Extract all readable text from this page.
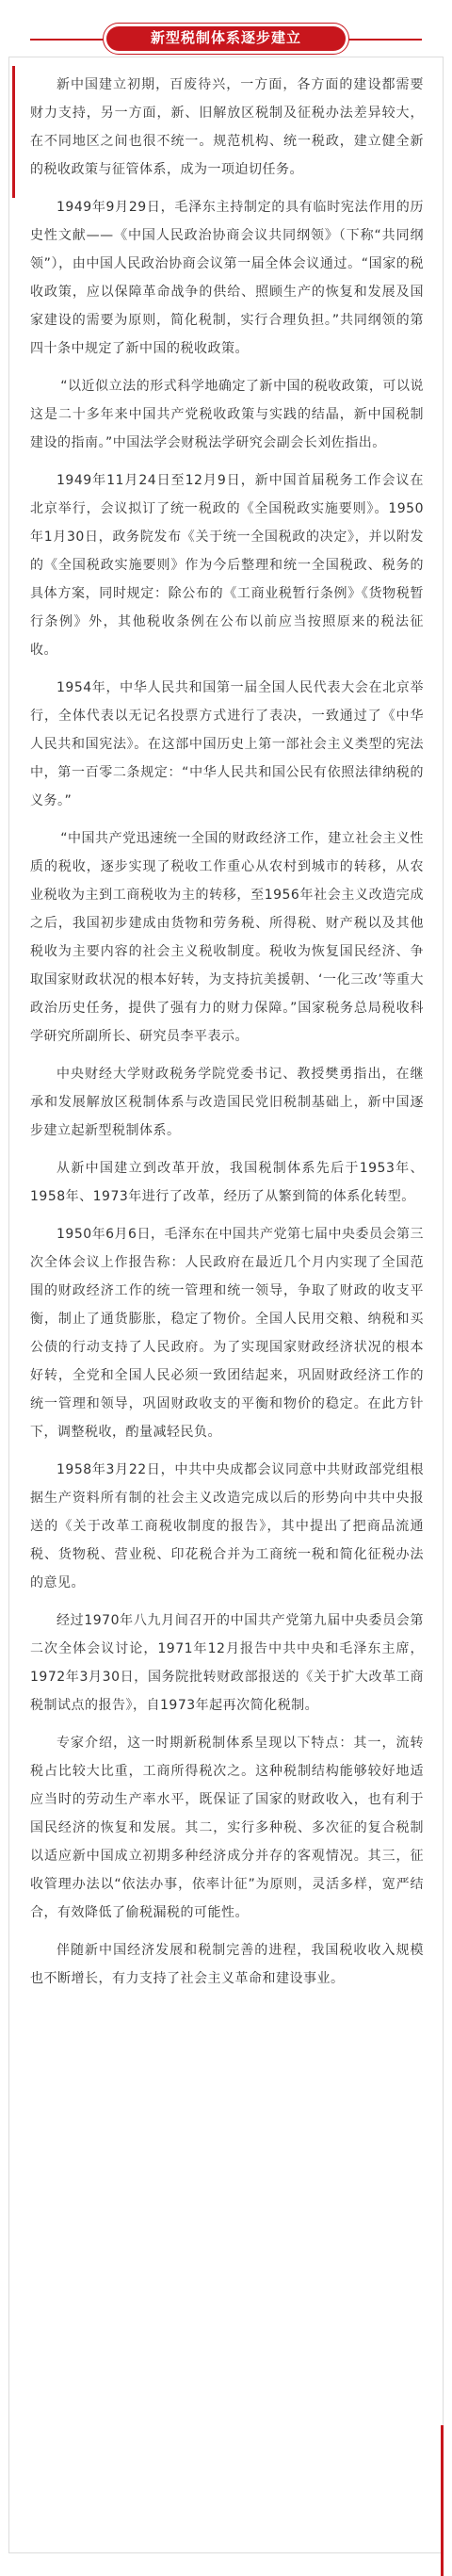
新型税制体系逐步建立

新中国建立初期，百废待兴，一方面，各方面的建设都需要财力支持，另一方面，新、旧解放区税制及征税办法差异较大，在不同地区之间也很不统一。规范机构、统一税政，建立健全新的税收政策与征管体系，成为一项迫切任务。

1949年9月29日，毛泽东主持制定的具有临时宪法作用的历史性文献——《中国人民政治协商会议共同纲领》（下称“共同纲领”），由中国人民政治协商会议第一届全体会议通过。“国家的税收政策，应以保障革命战争的供给、照顾生产的恢复和发展及国家建设的需要为原则，简化税制，实行合理负担。”共同纲领的第四十条中规定了新中国的税收政策。

“以近似立法的形式科学地确定了新中国的税收政策，可以说这是二十多年来中国共产党税收政策与实践的结晶，新中国税制建设的指南。”中国法学会财税法学研究会副会长刘佐指出。

1949年11月24日至12月9日，新中国首届税务工作会议在北京举行，会议拟订了统一税政的《全国税政实施要则》。1950年1月30日，政务院发布《关于统一全国税政的决定》，并以附发的《全国税政实施要则》作为今后整理和统一全国税政、税务的具体方案，同时规定：除公布的《工商业税暂行条例》《货物税暂行条例》外，其他税收条例在公布以前应当按照原来的税法征收。

1954年，中华人民共和国第一届全国人民代表大会在北京举行，全体代表以无记名投票方式进行了表决，一致通过了《中华人民共和国宪法》。在这部中国历史上第一部社会主义类型的宪法中，第一百零二条规定：“中华人民共和国公民有依照法律纳税的义务。”

“中国共产党迅速统一全国的财政经济工作，建立社会主义性质的税收，逐步实现了税收工作重心从农村到城市的转移，从农业税收为主到工商税收为主的转移，至1956年社会主义改造完成之后，我国初步建成由货物和劳务税、所得税、财产税以及其他税收为主要内容的社会主义税收制度。税收为恢复国民经济、争取国家财政状况的根本好转，为支持抗美援朝、‘一化三改’等重大政治历史任务，提供了强有力的财力保障。”国家税务总局税收科学研究所副所长、研究员李平表示。

中央财经大学财政税务学院党委书记、教授樊勇指出，在继承和发展解放区税制体系与改造国民党旧税制基础上，新中国逐步建立起新型税制体系。

从新中国建立到改革开放，我国税制体系先后于1953年、1958年、1973年进行了改革，经历了从繁到简的体系化转型。

1950年6月6日，毛泽东在中国共产党第七届中央委员会第三次全体会议上作报告称：人民政府在最近几个月内实现了全国范围的财政经济工作的统一管理和统一领导，争取了财政的收支平衡，制止了通货膨胀，稳定了物价。全国人民用交粮、纳税和买公债的行动支持了人民政府。为了实现国家财政经济状况的根本好转，全党和全国人民必须一致团结起来，巩固财政经济工作的统一管理和领导，巩固财政收支的平衡和物价的稳定。在此方针下，调整税收，酌量减轻民负。

1958年3月22日，中共中央成都会议同意中共财政部党组根据生产资料所有制的社会主义改造完成以后的形势向中共中央报送的《关于改革工商税收制度的报告》，其中提出了把商品流通税、货物税、营业税、印花税合并为工商统一税和简化征税办法的意见。

经过1970年八九月间召开的中国共产党第九届中央委员会第二次全体会议讨论，1971年12月报告中共中央和毛泽东主席，1972年3月30日，国务院批转财政部报送的《关于扩大改革工商税制试点的报告》，自1973年起再次简化税制。

专家介绍，这一时期新税制体系呈现以下特点：其一，流转税占比较大比重，工商所得税次之。这种税制结构能够较好地适应当时的劳动生产率水平，既保证了国家的财政收入，也有利于国民经济的恢复和发展。其二，实行多种税、多次征的复合税制以适应新中国成立初期多种经济成分并存的客观情况。其三，征收管理办法以“依法办事，依率计征”为原则，灵活多样，宽严结合，有效降低了偷税漏税的可能性。

伴随新中国经济发展和税制完善的进程，我国税收收入规模也不断增长，有力支持了社会主义革命和建设事业。
